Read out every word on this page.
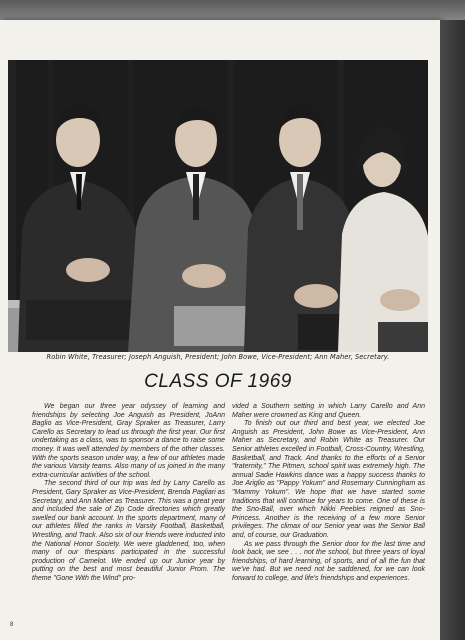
Robin White, Treasurer; Joseph Anguish, President; John Bowe, Vice-President; Ann Maher, Secretary.
CLASS OF 1969

We began our three year odyssey of learning and friendships by selecting Joe Anguish as President, JoAnn Baglio as Vice-President, Gray Spraker as Treasurer, Larry Carello as Secretary to lead us through the first year. Our first undertaking as a class, was to sponsor a dance to raise some money. It was well attended by members of the other classes. With the sports season under way, a few of our athletes made the various Varsity teams. Also many of us joined in the many extra-curricular activities of the school.

The second third of our trip was led by Larry Carello as President, Gary Spraker as Vice-President, Brenda Pagliari as Secretary, and Ann Maher as Treasurer. This was a great year and included the sale of Zip Code directories which greatly swelled our bank account. In the sports department, many of our athletes filled the ranks in Varsity Football, Basketball, Wrestling, and Track. Also six of our friends were inducted into the National Honor Society. We were gladdened, too, when many of our thespians participated in the successful production of Camelot. We ended up our Junior year by putting on the best and most beautiful Junior Prom. The theme "Gone With the Wind" pro-

vided a Southern setting in which Larry Carello and Ann Maher were crowned as King and Queen.

To finish out our third and best year, we elected Joe Anguish as President, John Bowe as Vice-President, Ann Maher as Secretary, and Robin White as Treasurer. Our Senior athletes excelled in Football, Cross-Country, Wrestling, Basketball, and Track. And thanks to the efforts of a Senior "fraternity," The Pitmen, school spirit was extremely high. The annual Sadie Hawkins dance was a happy success thanks to Joe Ariglio as "Pappy Yokum" and Rosemary Cunningham as "Mammy Yokum". We hope that we have started some traditions that will continue for years to come. One of these is the Sno-Ball, over which Nikki Peebles reigned as Sno-Princess. Another is the receiving of a few more Senior privileges. The climax of our Senior year was the Senior Ball and, of course, our Graduation.

As we pass through the Senior door for the last time and look back, we see . . . not the school, but three years of loyal friendships, of hard learning, of sports, and of all the fun that we've had. But we need not be saddened, for we can look forward to college, and life's friendships and experiences.

8
